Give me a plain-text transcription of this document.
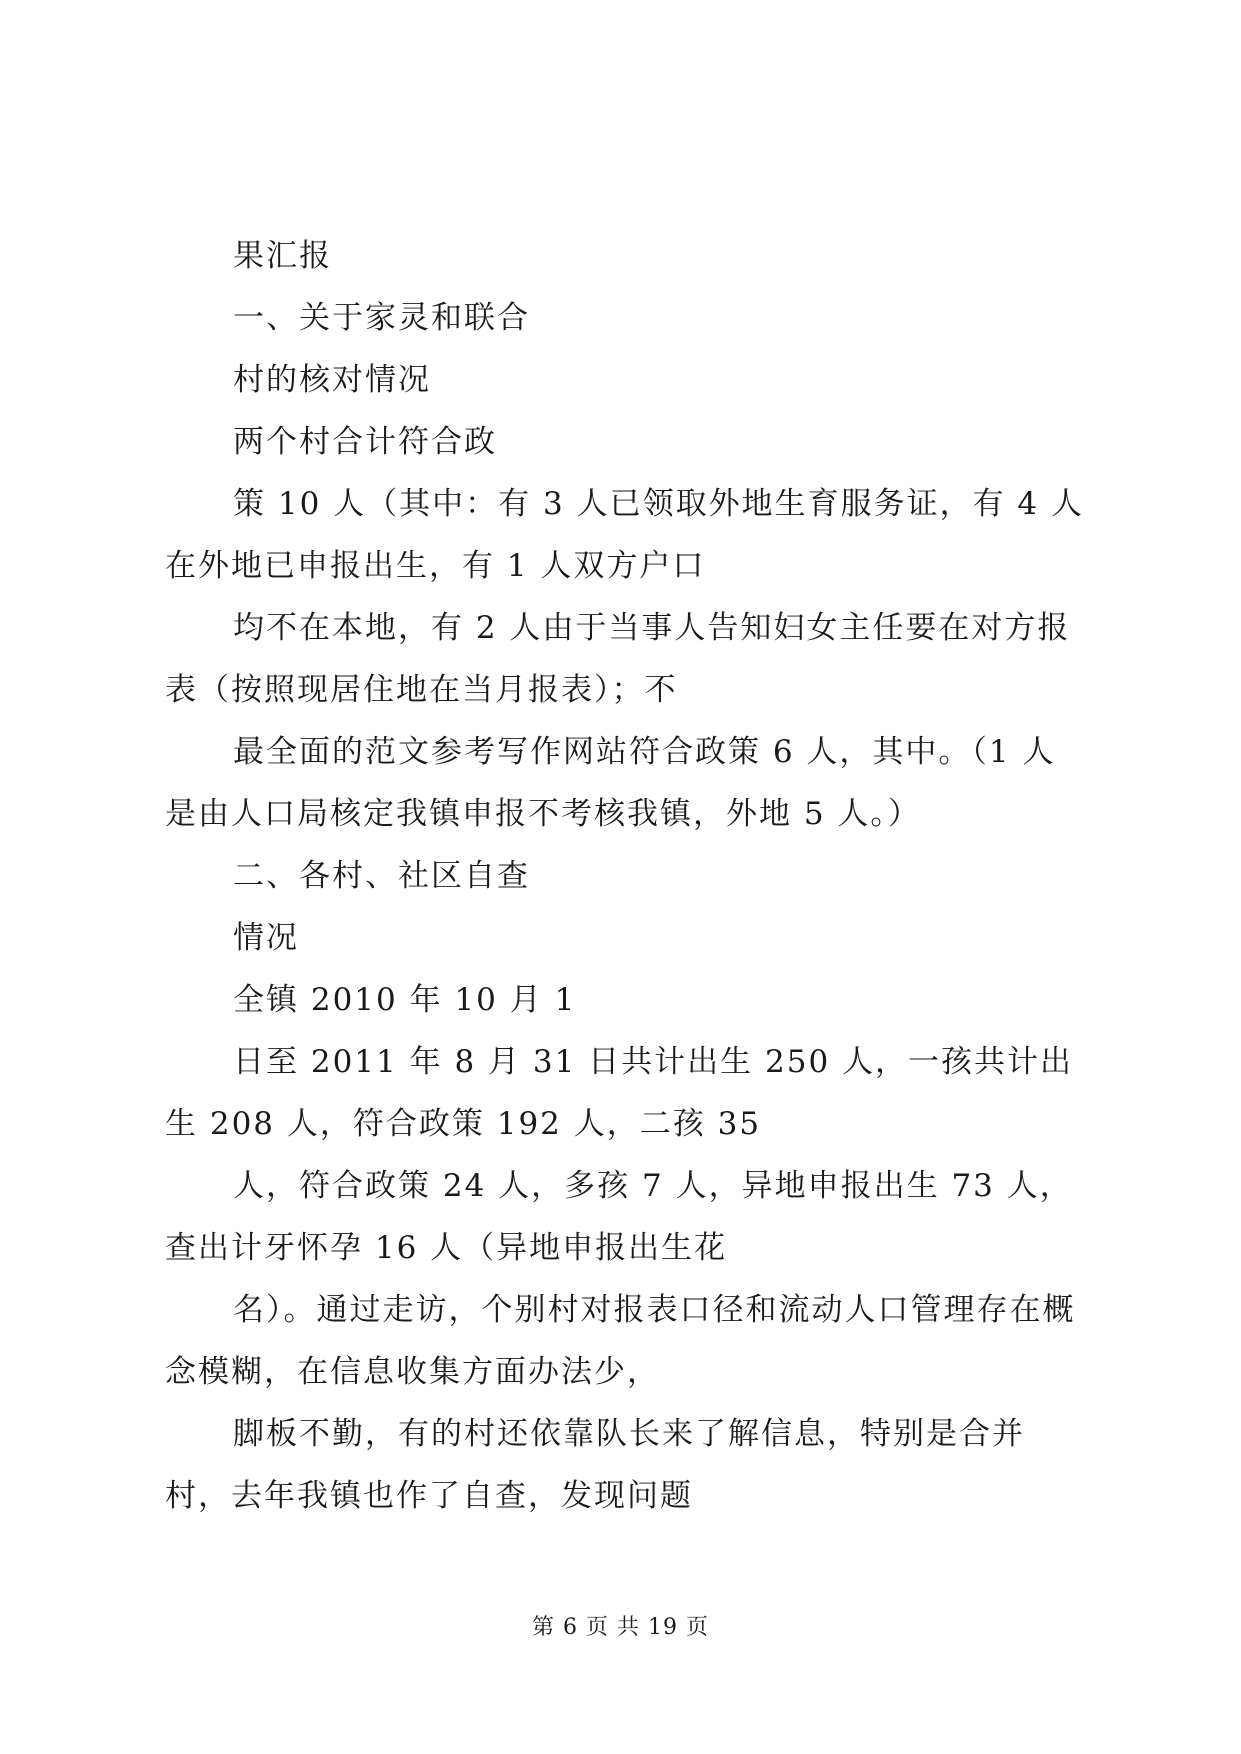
果汇报

一、关于家灵和联合

村的核对情况

两个村合计符合政

策 10 人（其中：有 3 人已领取外地生育服务证，有 4 人在外地已申报出生，有 1 人双方户口

均不在本地，有 2 人由于当事人告知妇女主任要在对方报表（按照现居住地在当月报表）；不

最全面的范文参考写作网站符合政策 6 人，其中。（1 人是由人口局核定我镇申报不考核我镇，外地 5 人。）

二、各村、社区自查

情况

全镇 2010 年 10 月 1

日至 2011 年 8 月 31 日共计出生 250 人，一孩共计出生 208 人，符合政策 192 人，二孩 35

人，符合政策 24 人，多孩 7 人，异地申报出生 73 人，查出计牙怀孕 16 人（异地申报出生花

名）。通过走访，个别村对报表口径和流动人口管理存在概念模糊，在信息收集方面办法少，

脚板不勤，有的村还依靠队长来了解信息，特别是合并村，去年我镇也作了自查，发现问题

第 6 页 共 19 页
